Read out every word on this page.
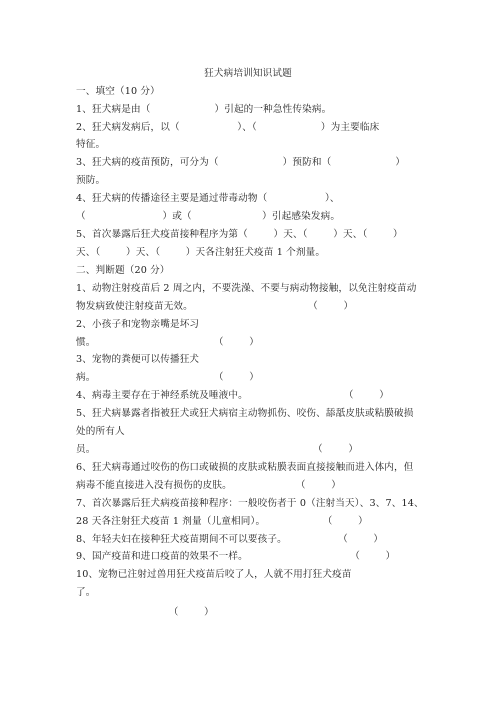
狂犬病培训知识试题
一、填空（10 分）
1、狂犬病是由（                    ）引起的一种急性传染病。
2、狂犬病发病后，以（                  ）、（                    ）为主要临床
特征。
3、狂犬病的疫苗预防，可分为（                    ）预防和（                    ）
预防。
4、狂犬病的传播途径主要是通过带毒动物（                  ）、
（                        ）或（                      ）引起感染发病。
5、首次暴露后狂犬疫苗接种程序为第（        ）天、（        ）天、（        ）
天、（        ）天、（        ）天各注射狂犬疫苗 1 个剂量。
二、判断题（20 分）
1、动物注射疫苗后 2 周之内，不要洗澡、不要与病动物接触，以免注射疫苗动
物发病致使注射疫苗无效。                                    （        ）
2、小孩子和宠物亲嘴是坏习
惯。                                     （        ）
3、宠物的粪便可以传播狂犬
病。                                     （        ）
4、病毒主要存在于神经系统及唾液中。                              （        ）
5、狂犬病暴露者指被狂犬或狂犬病宿主动物抓伤、咬伤、舔舐皮肤或粘膜破损
处的所有人
员。                                                                    （        ）
6、狂犬病毒通过咬伤的伤口或破损的皮肤或粘膜表面直接接触而进入体内，但
病毒不能直接进入没有损伤的皮肤。                    （        ）
7、首次暴露后狂犬病疫苗接种程序：一般咬伤者于 0（注射当天）、3、7、14、
28 天各注射狂犬疫苗 1 剂量（儿童相同）。                  （        ）
8、年轻夫妇在接种狂犬疫苗期间不可以要孩子。                （        ）
9、国产疫苗和进口疫苗的效果不一样。                                （        ）
10、宠物已注射过兽用狂犬疫苗后咬了人，人就不用打狂犬疫苗
了。
（        ）
